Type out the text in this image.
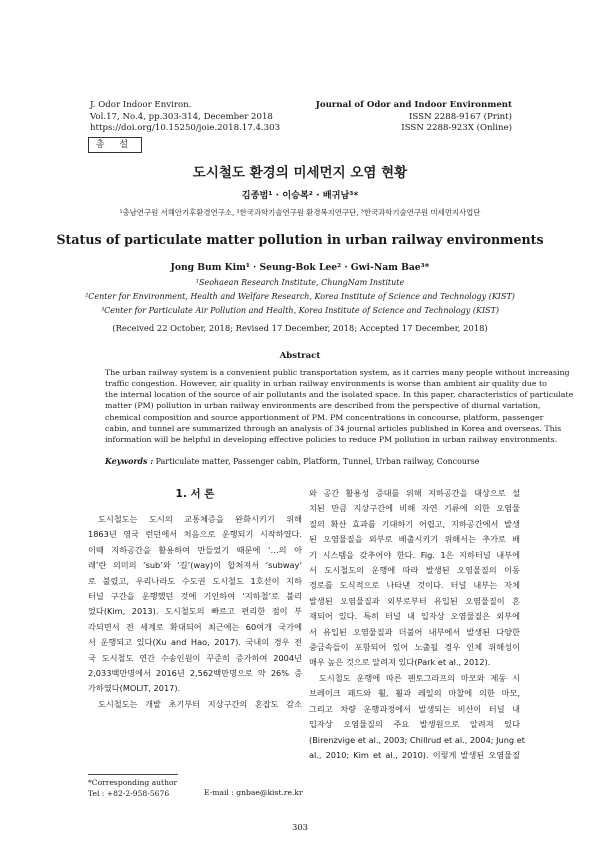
J. Odor Indoor Environ.
Vol.17, No.4, pp.303-314, December 2018
https://doi.org/10.15250/joie.2018.17.4.303
Journal of Odor and Indoor Environment
ISSN 2288-9167 (Print)
ISSN 2288-923X (Online)
총 설
도시철도 환경의 미세먼지 오염 현황
김종범¹ · 이승복² · 배귀남³*
¹충남연구원 서해안기후환경연구소, ²한국과학기술연구원 환경복지연구단, ³한국과학기술연구원 미세먼지사업단
Status of particulate matter pollution in urban railway environments
Jong Bum Kim¹ · Seung-Bok Lee² · Gwi-Nam Bae³*
¹Seohaean Research Institute, ChungNam Institute
²Center for Environment, Health and Welfare Research, Korea Institute of Science and Technology (KIST)
³Center for Particulate Air Pollution and Health, Korea Institute of Science and Technology (KIST)
(Received 22 October, 2018; Revised 17 December, 2018; Accepted 17 December, 2018)
Abstract
The urban railway system is a convenient public transportation system, as it carries many people without increasing
traffic congestion. However, air quality in urban railway environments is worse than ambient air quality due to
the internal location of the source of air pollutants and the isolated space. In this paper, characteristics of particulate
matter (PM) pollution in urban railway environments are described from the perspective of diurnal variation,
chemical composition and source apportionment of PM. PM concentrations in concourse, platform, passenger
cabin, and tunnel are summarized through an analysis of 34 journal articles published in Korea and overseas. This
information will be helpful in developing effective policies to reduce PM pollution in urban railway environments.
Keywords : Particulate matter, Passenger cabin, Platform, Tunnel, Urban railway, Concourse
1. 서 론
도시철도는 도시의 교통체증을 완화시키기 위해
1863년 영국 런던에서 처음으로 운행되기 시작하였다.
이때 지하공간을 활용하여 만들었기 때문에 ‘…의 아
래’란 의미의 ‘sub’와 ‘길’(way)이 합쳐져서 ‘subway’
로 불렸고, 우리나라도 수도권 도시철도 1호선이 지하
터널 구간을 운행했던 것에 기인하여 ‘지하철’로 불리
었다(Kim, 2013). 도시철도의 빠르고 편리한 점이 부
각되면서 전 세계로 확대되어 최근에는 60여개 국가에
서 운행되고 있다(Xu and Hao, 2017). 국내의 경우 전
국 도시철도 연간 수송인원이 꾸준히 증가하여 2004년
2,033백만명에서 2016년 2,562백만명으로 약 26% 증
가하였다(MOLIT, 2017).
도시철도는 개발 초기부터 지상구간의 혼잡도 감소
와 공간 활용성 증대를 위해 지하공간을 대상으로 설
치된 만큼 지상구간에 비해 자연 기류에 의한 오염물
질의 확산 효과를 기대하기 어렵고, 지하공간에서 발생
된 오염물질을 외부로 배출시키기 위해서는 추가로 배
기 시스템을 갖추어야 한다. Fig. 1은 지하터널 내부에
서 도시철도의 운행에 따라 발생된 오염물질의 이동
경로를 도식적으로 나타낸 것이다. 터널 내부는 자체
발생된 오염물질과 외부로부터 유입된 오염물질이 혼
재되어 있다. 특히 터널 내 입자상 오염물질은 외부에
서 유입된 오염물질과 더불어 내부에서 발생된 다양한
중금속들이 포함되어 있어 노출될 경우 인체 위해성이
매우 높은 것으로 알려져 있다(Park et al., 2012).
도시철도 운행에 따른 팬토그라프의 마모와 제동 시
브레이크 패드와 휠, 휠과 레일의 마찰에 의한 마모,
그리고 차량 운행과정에서 발생되는 비산이 터널 내
입자상 오염물질의 주요 발생원으로 알려져 있다
(Birenzvige et al., 2003; Chillrud et al., 2004; Jung et
al., 2010; Kim et al., 2010). 이렇게 발생된 오염물질
*Corresponding author
Tel : +82-2-958-5676	E-mail : gnbae@kist.re.kr
303
